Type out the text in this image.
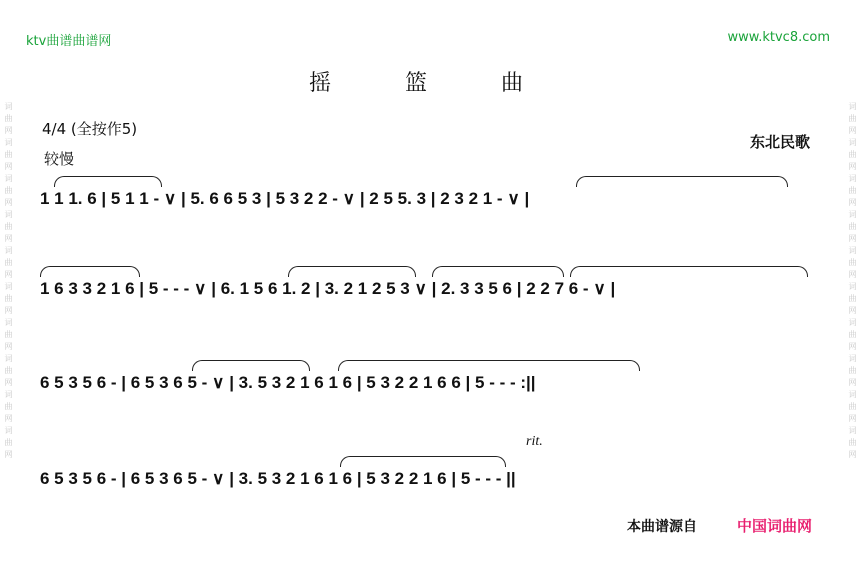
词曲网词曲网词曲网词曲网词曲网词曲网词曲网词曲网词曲网词曲网	词曲网词曲网词曲网词曲网词曲网词曲网词曲网词曲网词曲网词曲网
ktv曲谱曲谱网	www.ktvc8.com
摇　篮　曲
4/4 (全按作5)
较慢
东北民歌
1 1 1. 6 | 5 1 1 - ∨ | 5. 6 6 5 3 | 5 3 2 2 - ∨ | 2 5 5. 3 | 2 3 2 1 - ∨ |
1 6 3 3 2 1 6 | 5 - - - ∨ | 6. 1 5 6 1. 2 | 3. 2 1 2 5 3 ∨ | 2. 3 3 5 6 | 2 2 7 6 - ∨ |
6 5 3 5 6 - | 6 5 3 6 5 - ∨ | 3. 5 3 2 1 6 1 6 | 5 3 2 2 1 6 6 | 5 - - - :||
6 5 3 5 6 - | 6 5 3 6 5 - ∨ | 3. 5 3 2 1 6 1 6 | 5 3 2 2 1 6 | 5 - - - ||
rit.
本曲谱源自	中国词曲网
